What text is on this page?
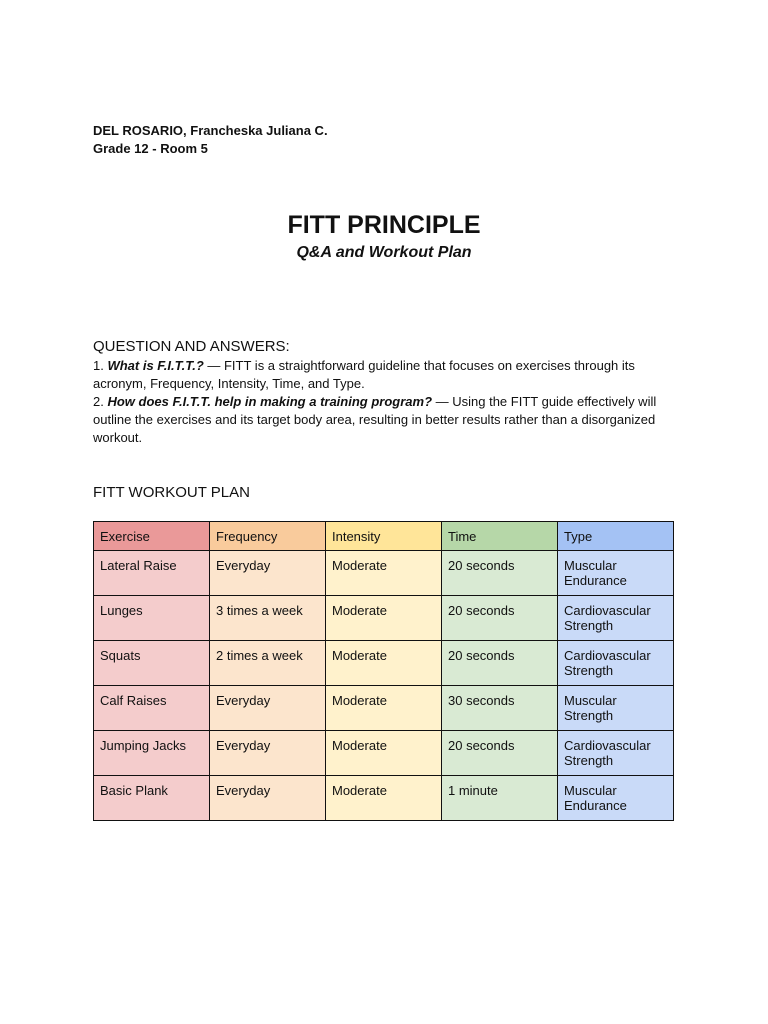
DEL ROSARIO, Francheska Juliana C.
Grade 12 - Room 5
FITT PRINCIPLE

Q&A and Workout Plan

QUESTION AND ANSWERS:

1. What is F.I.T.T.? — FITT is a straightforward guideline that focuses on exercises through its acronym, Frequency, Intensity, Time, and Type.

2. How does F.I.T.T. help in making a training program? — Using the FITT guide effectively will outline the exercises and its target body area, resulting in better results rather than a disorganized workout.

FITT WORKOUT PLAN
Exercise	Frequency	Intensity	Time	Type
Lateral Raise	Everyday	Moderate	20 seconds	Muscular Endurance
Lunges	3 times a week	Moderate	20 seconds	Cardiovascular Strength
Squats	2 times a week	Moderate	20 seconds	Cardiovascular Strength
Calf Raises	Everyday	Moderate	30 seconds	Muscular Strength
Jumping Jacks	Everyday	Moderate	20 seconds	Cardiovascular Strength
Basic Plank	Everyday	Moderate	1 minute	Muscular Endurance
